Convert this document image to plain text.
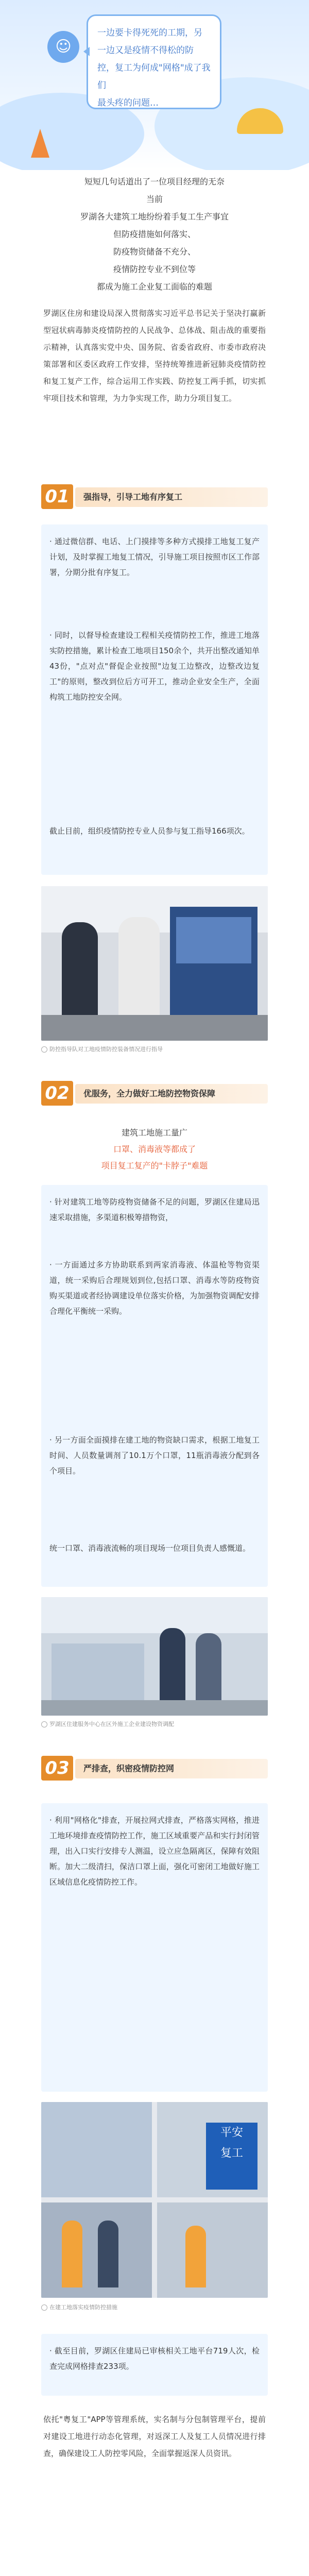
☺

一边要卡得死死的工期，另

一边又是疫情不得松的防

控，复工为何成"网格"成了我们

最头疼的问题…

短短几句话道出了一位项目经理的无奈
当前
罗湖各大建筑工地纷纷着手复工生产事宜
但防疫措施如何落实、
防疫物资储备不充分、
疫情防控专业不到位等
都成为施工企业复工面临的难题
罗湖区住房和建设局深入贯彻落实习近平总书记关于坚决打赢新型冠状病毒肺炎疫情防控的人民战争、总体战、阻击战的重要指示精神，认真落实党中央、国务院、省委省政府、市委市政府决策部署和区委区政府工作安排，坚持统筹推进新冠肺炎疫情防控和复工复产工作，综合运用工作实践、防控复工两手抓，切实抓牢项目技术和管理，为力争实现工作，助力分项目复工。
01	强指导，引导工地有序复工

· 通过微信群、电话、上门摸排等多种方式摸排工地复工复产计划，及时掌握工地复工情况，引导施工项目按照市区工作部署，分期分批有序复工。

· 同时，以督导检查建设工程相关疫情防控工作，推进工地落实防控措施，累计检查工地项目150余个，共开出整改通知单43份，"点对点"督促企业按照"边复工边整改，边整改边复工"的原则，整改到位后方可开工，推动企业安全生产，全面构筑工地防控安全网。

截止目前，组织疫情防控专业人员参与复工指导166项次。

防控指导队对工地疫情防控装备情况进行指导
02	优服务，全力做好工地防控物资保障
建筑工地施工量广
口罩、消毒液等都成了
项目复工复产的"卡脖子"难题

· 针对建筑工地等防疫物资储备不足的问题，罗湖区住建局迅速采取措施，多渠道积极筹措物资，

· 一方面通过多方协助联系到两家消毒液、体温枪等物资渠道，统一采购后合理规划到位,包括口罩、消毒水等防疫物资购买渠道或者经协调建设单位落实价格，为加强物资调配安排合理化平衡统一采购。

· 另一方面全面摸排在建工地的物资缺口需求，根据工地复工时间、人员数量调剂了10.1万个口罩，11瓶消毒液分配到各个项目。

统一口罩、消毒液流畅的项目现场一位项目负责人感慨道。

罗湖区住建服务中心在区外施工企业建设物资调配
03	严排查，织密疫情防控网

· 利用"网格化"排查，开展拉网式排查，严格落实网格，推进工地环境排查疫情防控工作，施工区域重要产品和实行封闭管理，出入口实行安排专人测温，设立应急隔离区，保障有效阻断。加大二级清扫，保洁口罩上面，强化可密闭工地做好施工区域信息化疫情防控工作。

平安
复工
在建工地落实疫情防控措施

· 截至目前，罗湖区住建局已审核相关工地平台719人次，检查完成网格排查233项。

依托"粤复工"APP等管理系统，实名制与分包制管理平台，提前对建设工地进行动态化管理，对返深工人及复工人员情况进行排查，确保建设工人防控零风险，全面掌握返深人员资讯。
